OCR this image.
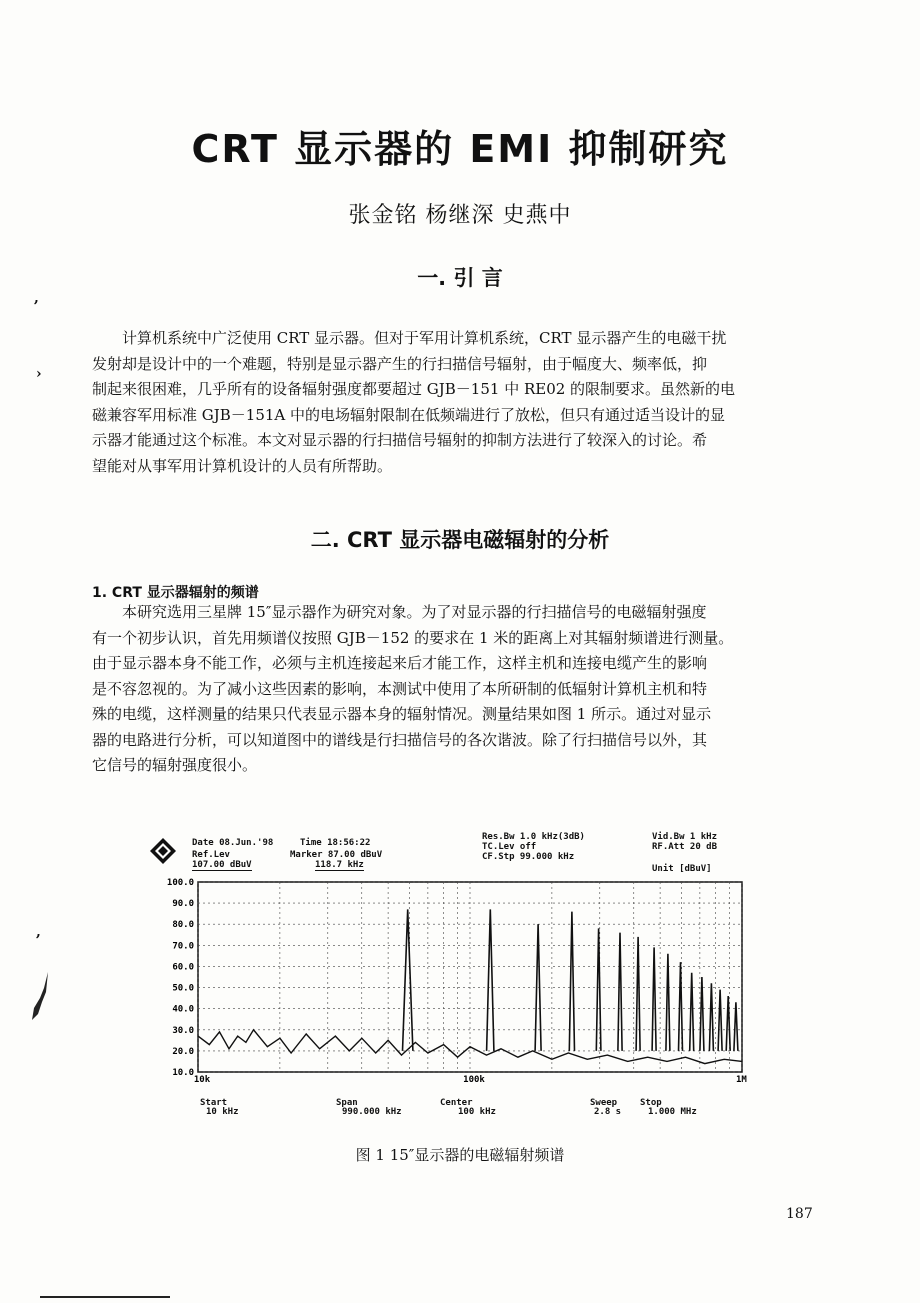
CRT 显示器的 EMI 抑制研究
张金铭 杨继深 史燕中
一. 引 言
计算机系统中广泛使用 CRT 显示器。但对于军用计算机系统，CRT 显示器产生的电磁干扰
发射却是设计中的一个难题，特别是显示器产生的行扫描信号辐射，由于幅度大、频率低，抑
制起来很困难，几乎所有的设备辐射强度都要超过 GJB－151 中 RE02 的限制要求。虽然新的电
磁兼容军用标准 GJB－151A 中的电场辐射限制在低频端进行了放松，但只有通过适当设计的显
示器才能通过这个标准。本文对显示器的行扫描信号辐射的抑制方法进行了较深入的讨论。希
望能对从事军用计算机设计的人员有所帮助。
二. CRT 显示器电磁辐射的分析
1. CRT 显示器辐射的频谱
本研究选用三星牌 15″显示器作为研究对象。为了对显示器的行扫描信号的电磁辐射强度
有一个初步认识，首先用频谱仪按照 GJB－152 的要求在 1 米的距离上对其辐射频谱进行测量。
由于显示器本身不能工作，必须与主机连接起来后才能工作，这样主机和连接电缆产生的影响
是不容忽视的。为了减小这些因素的影响，本测试中使用了本所研制的低辐射计算机主机和特
殊的电缆，这样测量的结果只代表显示器本身的辐射情况。测量结果如图 1 所示。通过对显示
器的电路进行分析，可以知道图中的谱线是行扫描信号的各次谐波。除了行扫描信号以外，其
它信号的辐射强度很小。
,
›
,
Date 08.Jun.'98	Time 18:56:22
Ref.Lev	Marker 87.00 dBuV
107.00 dBuV	118.7 kHz
Res.Bw 1.0 kHz(3dB)
TC.Lev off
CF.Stp 99.000 kHz
Vid.Bw 1 kHz
RF.Att 20 dB
Unit [dBuV]
100.0
90.0
80.0
70.0
60.0
50.0
40.0
30.0
20.0
10.0
10k	100k	1M
Start
10 kHz
Span
990.000 kHz
Center
100 kHz
Sweep
2.8 s
Stop
1.000 MHz
图 1 15″显示器的电磁辐射频谱
187
